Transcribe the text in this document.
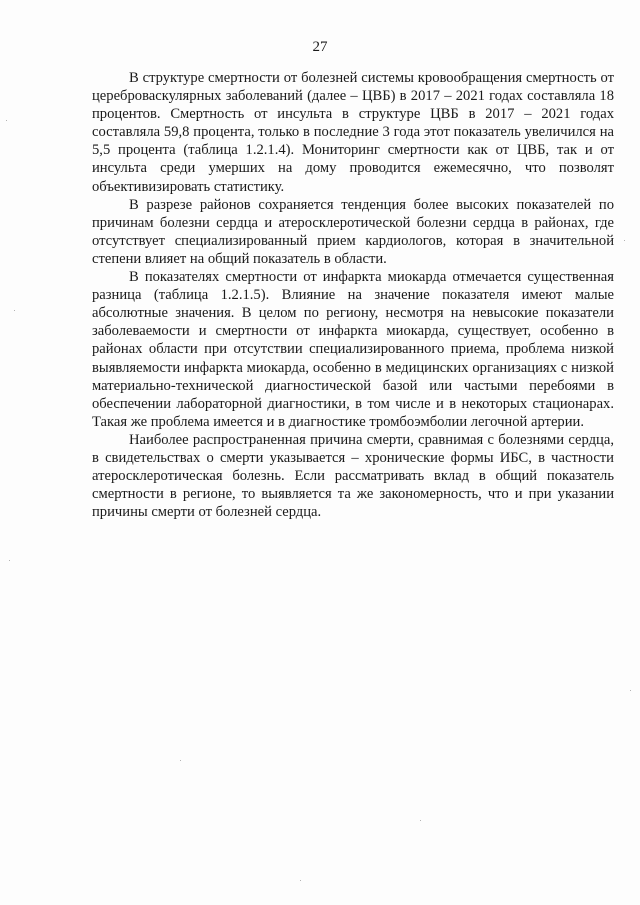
27

В структуре смертности от болезней системы кровообращения смертность от цереброваскулярных заболеваний (далее – ЦВБ) в 2017 – 2021 годах составляла 18 процентов. Смертность от инсульта в структуре ЦВБ в 2017 – 2021 годах составляла 59,8 процента, только в последние 3 года этот показатель увеличился на 5,5 процента (таблица 1.2.1.4). Мониторинг смертности как от ЦВБ, так и от инсульта среди умерших на дому проводится ежемесячно, что позволят объективизировать статистику.

В разрезе районов сохраняется тенденция более высоких показателей по причинам болезни сердца и атеросклеротической болезни сердца в районах, где отсутствует специализированный прием кардиологов, которая в значительной степени влияет на общий показатель в области.

В показателях смертности от инфаркта миокарда отмечается существенная разница (таблица 1.2.1.5). Влияние на значение показателя имеют малые абсолютные значения. В целом по региону, несмотря на невысокие показатели заболеваемости и смертности от инфаркта миокарда, существует, особенно в районах области при отсутствии специализированного приема, проблема низкой выявляемости инфаркта миокарда, особенно в медицинских организациях с низкой материально-технической диагностической базой или частыми перебоями в обеспечении лабораторной диагностики, в том числе и в некоторых стационарах. Такая же проблема имеется и в диагностике тромбоэмболии легочной артерии.

Наиболее распространенная причина смерти, сравнимая с болезнями сердца, в свидетельствах о смерти указывается – хронические формы ИБС, в частности атеросклеротическая болезнь. Если рассматривать вклад в общий показатель смертности в регионе, то выявляется та же закономерность, что и при указании причины смерти от болезней сердца.
